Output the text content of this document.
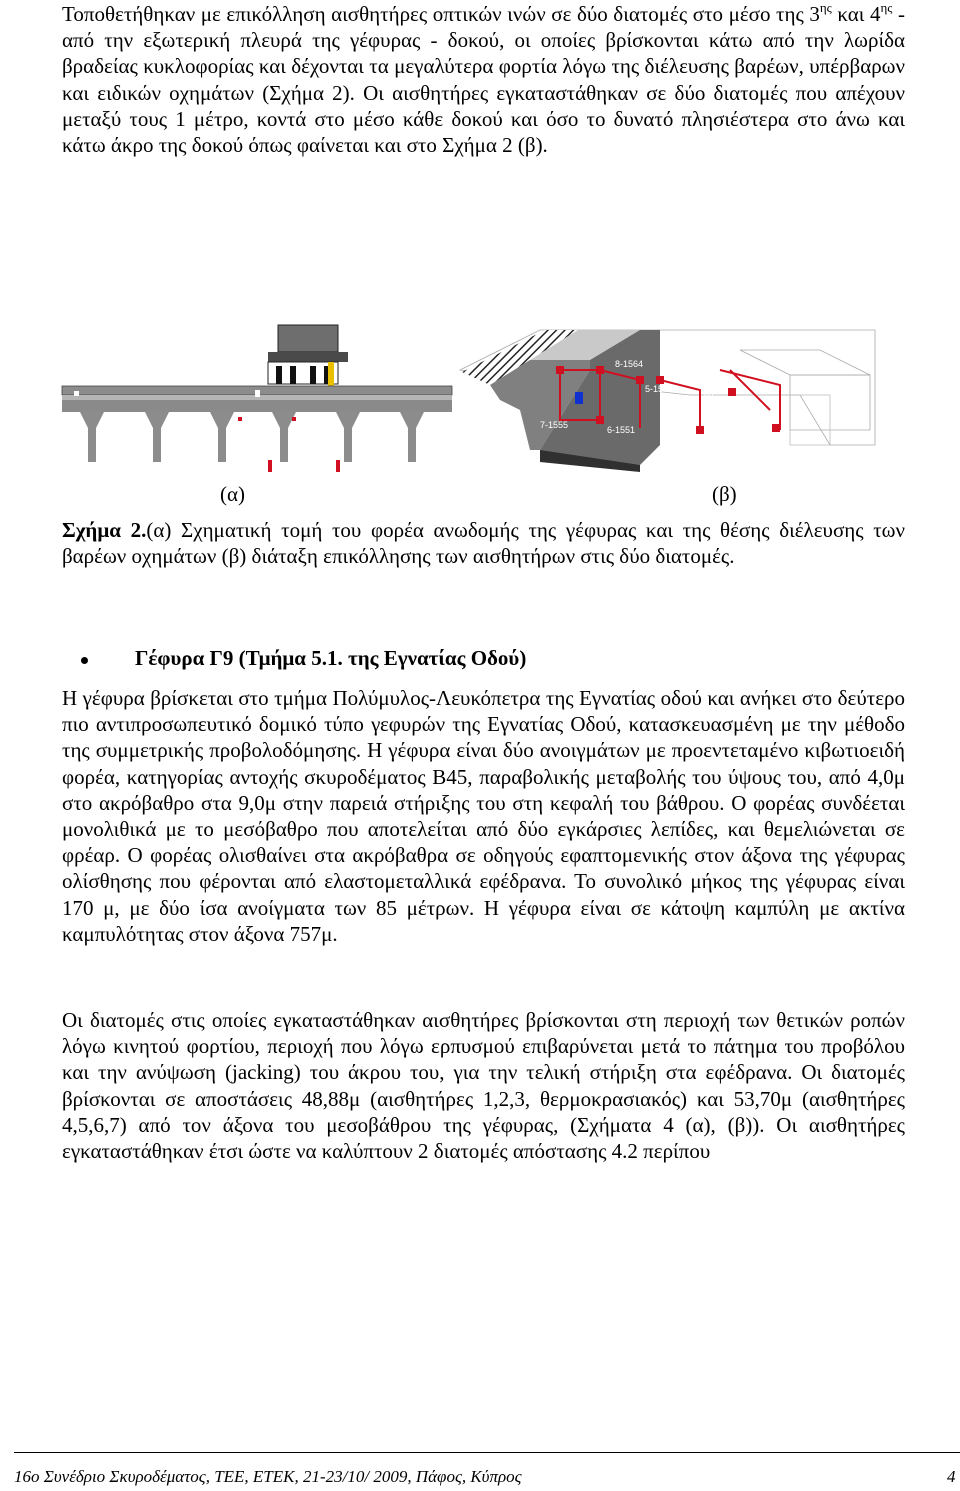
Τοποθετήθηκαν με επικόλληση αισθητήρες οπτικών ινών σε δύο διατομές στο μέσο της $3^{\eta\varsigma}$ και $4^{\eta\varsigma}$ - από την εξωτερική πλευρά της γέφυρας - δοκού, οι οποίες βρίσκονται κάτω από την λωρίδα βραδείας κυκλοφορίας και δέχονται τα μεγαλύτερα φορτία λόγω της διέλευσης βαρέων, υπέρβαρων και ειδικών οχημάτων (Σχήμα 2). Οι αισθητήρες εγκαταστάθηκαν σε δύο διατομές που απέχουν μεταξύ τους 1 μέτρο, κοντά στο μέσο κάθε δοκού και όσο το δυνατό πλησιέστερα στο άνω και κάτω άκρο της δοκού όπως φαίνεται και στο Σχήμα 2 (β).

8-1564
5-1547
2-1
7-1555	6-1551
(α)	(β)

Σχήμα 2.(α) Σχηματική τομή του φορέα ανωδομής της γέφυρας και της θέσης διέλευσης των βαρέων οχημάτων (β) διάταξη επικόλλησης των αισθητήρων στις δύο διατομές.

Γέφυρα Γ9 (Τμήμα 5.1. της Εγνατίας Οδού)

Η γέφυρα βρίσκεται στο τμήμα Πολύμυλος-Λευκόπετρα της Εγνατίας οδού και ανήκει στο δεύτερο πιο αντιπροσωπευτικό δομικό τύπο γεφυρών της Εγνατίας Οδού, κατασκευασμένη με την μέθοδο της συμμετρικής προβολοδόμησης. Η γέφυρα είναι δύο ανοιγμάτων με προεντεταμένο κιβωτιοειδή φορέα, κατηγορίας αντοχής σκυροδέματος Β45, παραβολικής μεταβολής του ύψους του, από 4,0μ στο ακρόβαθρο στα 9,0μ στην παρειά στήριξης του στη κεφαλή του βάθρου. Ο φορέας συνδέεται μονολιθικά με το μεσόβαθρο που αποτελείται από δύο εγκάρσιες λεπίδες, και θεμελιώνεται σε φρέαρ. Ο φορέας ολισθαίνει στα ακρόβαθρα σε οδηγούς εφαπτομενικής στον άξονα της γέφυρας ολίσθησης που φέρονται από ελαστομεταλλικά εφέδρανα. Το συνολικό μήκος της γέφυρας είναι 170 μ, με δύο ίσα ανοίγματα των 85 μέτρων. Η γέφυρα είναι σε κάτοψη καμπύλη με ακτίνα καμπυλότητας στον άξονα 757μ.

Οι διατομές στις οποίες εγκαταστάθηκαν αισθητήρες βρίσκονται στη περιοχή των θετικών ροπών λόγω κινητού φορτίου, περιοχή που λόγω ερπυσμού επιβαρύνεται μετά το πάτημα του προβόλου και την ανύψωση (jacking) του άκρου του, για την τελική στήριξη στα εφέδρανα. Οι διατομές βρίσκονται σε αποστάσεις 48,88μ (αισθητήρες 1,2,3, θερμοκρασιακός) και 53,70μ (αισθητήρες 4,5,6,7) από τον άξονα του μεσοβάθρου της γέφυρας, (Σχήματα 4 (α), (β)). Οι αισθητήρες εγκαταστάθηκαν έτσι ώστε να καλύπτουν 2 διατομές απόστασης 4.2 περίπου

16ο Συνέδριο Σκυροδέματος, ΤΕΕ, ΕΤΕΚ, 21-23/10/ 2009, Πάφος, Κύπρος	4
